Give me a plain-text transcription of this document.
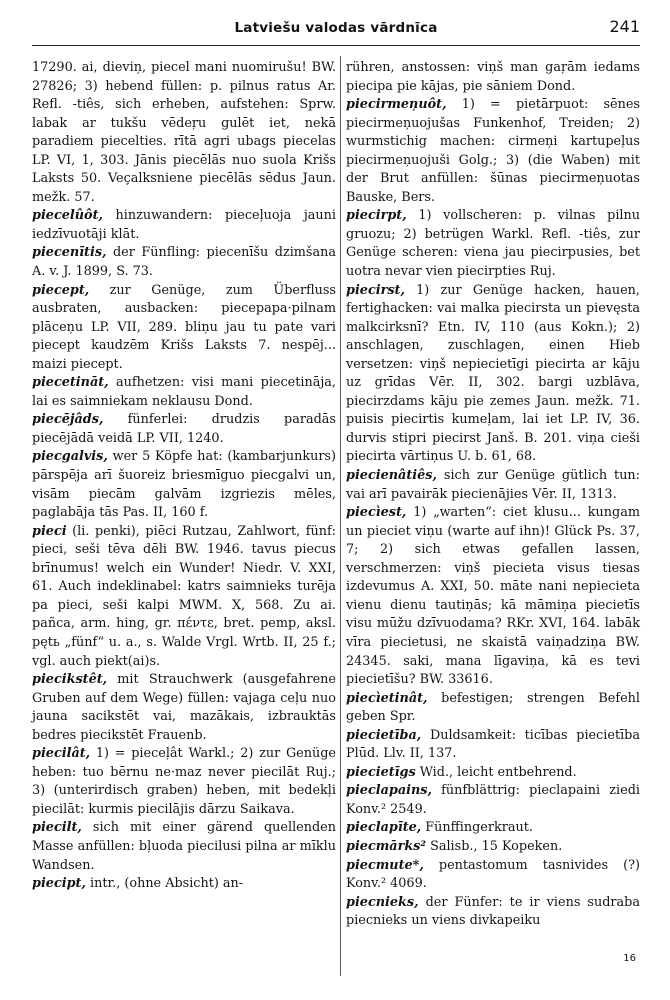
Latviešu valodas vārdnīca	241

17290. ai, dieviņ, piecel mani nuomirušu! BW. 27826; 3) hebend füllen: p. pilnus ratus Ar. Refl. -tiês, sich erheben, aufstehen: Sprw. labak ar tukšu vēdeŗu gulēt iet, nekā paradiem piecelties. rītā agri ubags piecelas LP. VI, 1, 303. Jānis piecēlās nuo suola Krišs Laksts 50. Veçalksniene piecēlās sēdus Jaun. mežk. 57.

piecelûôt, hinzuwandern: pieceļuoja jauni iedzīvuotāji klāt.

piecenītis, der Fünfling: piecenīšu dzimšana A. v. J. 1899, S. 73.

piecept, zur Genüge, zum Überfluss ausbraten, ausbacken: piecepapa·pilnam plāceņu LP. VII, 289. bliņu jau tu pate vari piecept kaudzēm Krišs Laksts 7. nespēj... maizi piecept.

piecetināt, aufhetzen: visi mani piecetināja, lai es saimniekam neklausu Dond.

piecējâds, fünferlei: drudzis paradās piecējādā veidā LP. VII, 1240.

piecgalvis, wer 5 Köpfe hat: (kambarjunkurs) pārspēja arī šuoreiz briesmīguo piecgalvi un, visām piecām galvām izgriezis mēles, paglabāja tās Pas. II, 160 f.

pieci (li. penki), piēci Rutzau, Zahlwort, fünf: pieci, seši tēva dēli BW. 1946. tavus piecus brīnumus! welch ein Wunder! Niedr. V. XXI, 61. Auch indeklinabel: katrs saimnieks turēja pa pieci, seši kalpi MWM. X, 568. Zu ai. pañca, arm. hing, gr. πέντε, bret. pemp, aksl. pętь „fünf“ u. a., s. Walde Vrgl. Wrtb. II, 25 f.; vgl. auch piekt(ai)s.

piecikstêt, mit Strauchwerk (ausgefahrene Gruben auf dem Wege) füllen: vajaga ceļu nuo jauna sacikstēt vai, mazākais, izbrauktās bedres piecikstēt Frauenb.

piecilât, 1) = pieceļât Warkl.; 2) zur Genüge heben: tuo bērnu ne·maz never piecilāt Ruj.; 3) (unterirdisch graben) heben, mit bedekļi piecilāt: kurmis piecilājis dārzu Saikava.

piecilt, sich mit einer gärend quellenden Masse anfüllen: bļuoda piecilusi pilna ar mīklu Wandsen.

piecipt, intr., (ohne Absicht) an-

rühren, anstossen: viņš man gaŗām iedams piecipa pie kājas, pie sāniem Dond.

piecirmeņuôt, 1) = pietārpuot: sēnes piecirmeņuojušas Funkenhof, Treiden; 2) wurmstichig machen: cirmeņi kartupeļus piecirmeņuojuši Golg.; 3) (die Waben) mit der Brut anfüllen: šūnas piecirmeņuotas Bauske, Bers.

piecirpt, 1) vollscheren: p. vilnas pilnu gruozu; 2) betrügen Warkl. Refl. -tiês, zur Genüge scheren: viena jau piecirpusies, bet uotra nevar vien piecirpties Ruj.

piecirst, 1) zur Genüge hacken, hauen, fertighacken: vai malka piecirsta un pievęsta malkcirksnī? Etn. IV, 110 (aus Kokn.); 2) anschlagen, zuschlagen, einen Hieb versetzen: viņš nepiecietīgi piecirta ar kāju uz grīdas Vēr. II, 302. bargi uzblāva, piecirzdams kāju pie zemes Jaun. mežk. 71. puisis piecirtis kumeļam, lai iet LP. IV, 36. durvis stipri piecirst Janš. B. 201. viņa cieši piecirta vārtiņus U. b. 61, 68.

piecienâtiês, sich zur Genüge gütlich tun: vai arī pavairāk piecienājies Vēr. II, 1313.

piecìest, 1) „warten“: ciet klusu... kungam un pieciet viņu (warte auf ihn)! Glück Ps. 37, 7; 2) sich etwas gefallen lassen, verschmerzen: viņš piecieta visus tiesas izdevumus A. XXI, 50. māte nani nepiecieta vienu dienu tautiņās; kā māmiņa piecietīs visu mūžu dzīvuodama? RKr. XVI, 164. labāk vīra piecietusi, ne skaistā vaiņadziņa BW. 24345. saki, mana līgaviņa, kā es tevi piecietīšu? BW. 33616.

piecìetinât, befestigen; strengen Befehl geben Spr.

piecietība, Duldsamkeit: ticības piecietība Plūd. Llv. II, 137.

piecietīgs Wid., leicht entbehrend.

pieclapains, fünfblättrig: pieclapaini ziedi Konv.² 2549.

pieclapīte, Fünffingerkraut.

piecmārks² Salisb., 15 Kopeken.

piecmute*, pentastomum tasnivides (?) Konv.² 4069.

piecnieks, der Fünfer: te ir viens sudraba piecnieks un viens divkapeiku

16
